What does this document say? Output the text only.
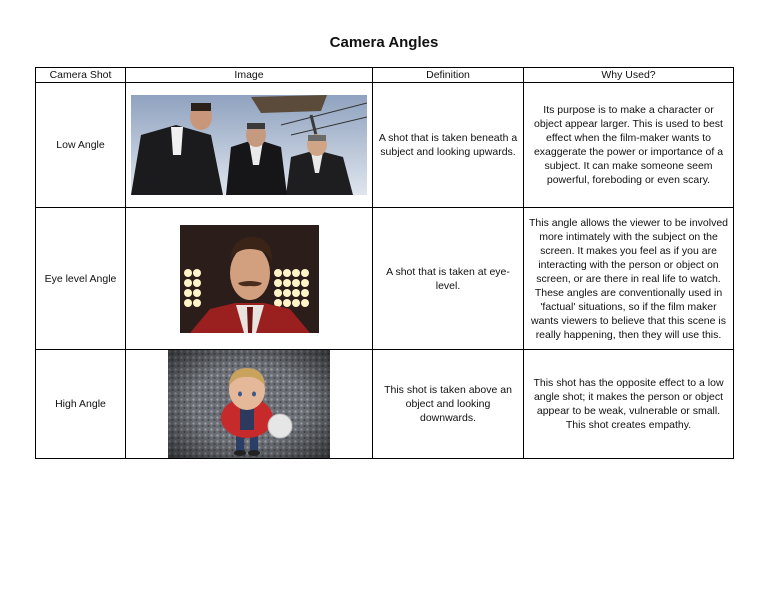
Camera Angles
Camera Shot	Image	Definition	Why Used?
Low Angle		A shot that is taken beneath a subject and looking upwards.	Its purpose is to make a character or object appear larger. This is used to best effect when the film-maker wants to exaggerate the power or importance of a subject. It can make someone seem powerful, foreboding or even scary.
Eye level Angle		A shot that is taken at eye-level.	This angle allows the viewer to be involved more intimately with the subject on the screen. It makes you feel as if you are interacting with the person or object on screen, or are there in real life to watch. These angles are conventionally used in 'factual' situations, so if the film maker wants viewers to believe that this scene is really happening, then they will use this.
High Angle		This shot is taken above an object and looking downwards.	This shot has the opposite effect to a low angle shot; it makes the person or object appear to be weak, vulnerable or small. This shot creates empathy.
